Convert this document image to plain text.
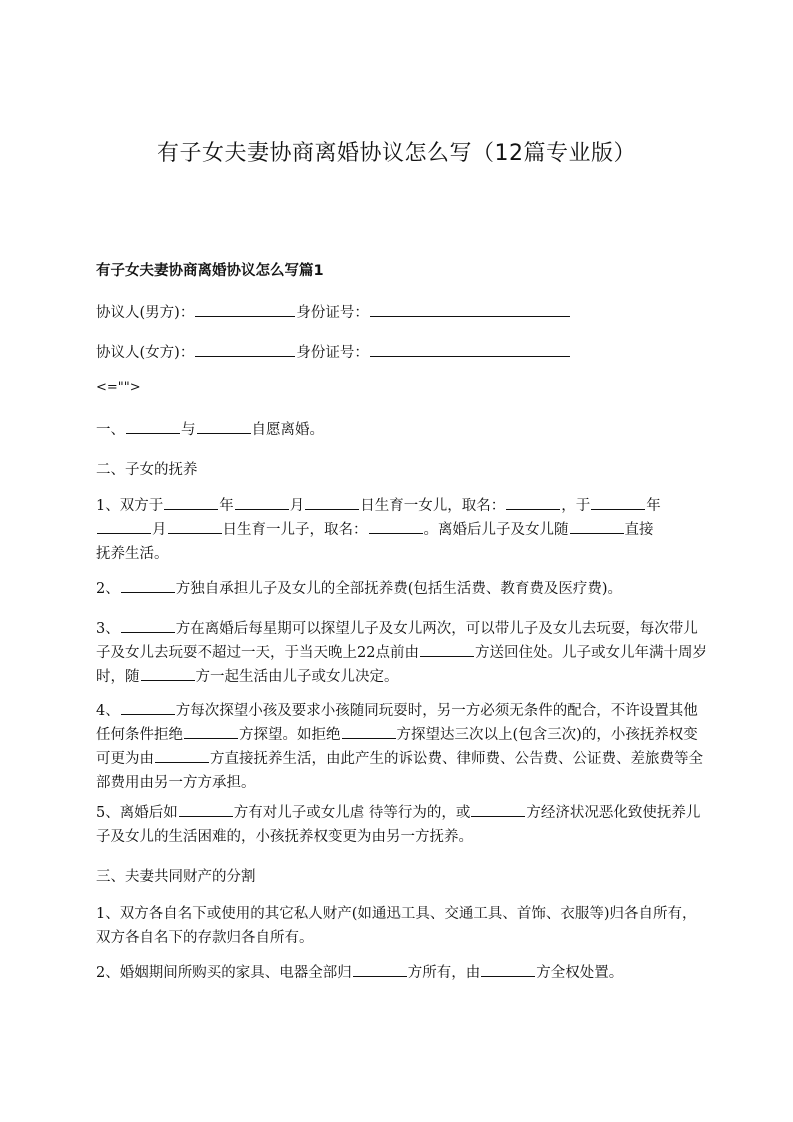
有子女夫妻协商离婚协议怎么写（12篇专业版）
有子女夫妻协商离婚协议怎么写篇1
协议人(男方)：	身份证号：
协议人(女方)：	身份证号：
<="">
一、	与	自愿离婚。
二、子女的抚养
1、双方于	年	月	日生育一女儿，取名：	，于	年
月	日生育一儿子，取名：	。离婚后儿子及女儿随	直接
抚养生活。
2、	方独自承担儿子及女儿的全部抚养费(包括生活费、教育费及医疗费)。
3、	方在离婚后每星期可以探望儿子及女儿两次，可以带儿子及女儿去玩耍，每次带儿子及女儿去玩耍不超过一天，于当天晚上22点前由	方送回住处。儿子或女儿年满十周岁时，随	方一起生活由儿子或女儿决定。
4、	方每次探望小孩及要求小孩随同玩耍时，另一方必须无条件的配合，不许设置其他任何条件拒绝	方探望。如拒绝	方探望达三次以上(包含三次)的，小孩抚养权变可更为由	方直接抚养生活，由此产生的诉讼费、律师费、公告费、公证费、差旅费等全部费用由另一方方承担。
5、离婚后如	方有对儿子或女儿虐 待等行为的，或	方经济状况恶化致使抚养儿子及女儿的生活困难的，小孩抚养权变更为由另一方抚养。
三、夫妻共同财产的分割
1、双方各自名下或使用的其它私人财产(如通迅工具、交通工具、首饰、衣服等)归各自所有，双方各自名下的存款归各自所有。
2、婚姻期间所购买的家具、电器全部归	方所有，由	方全权处置。
